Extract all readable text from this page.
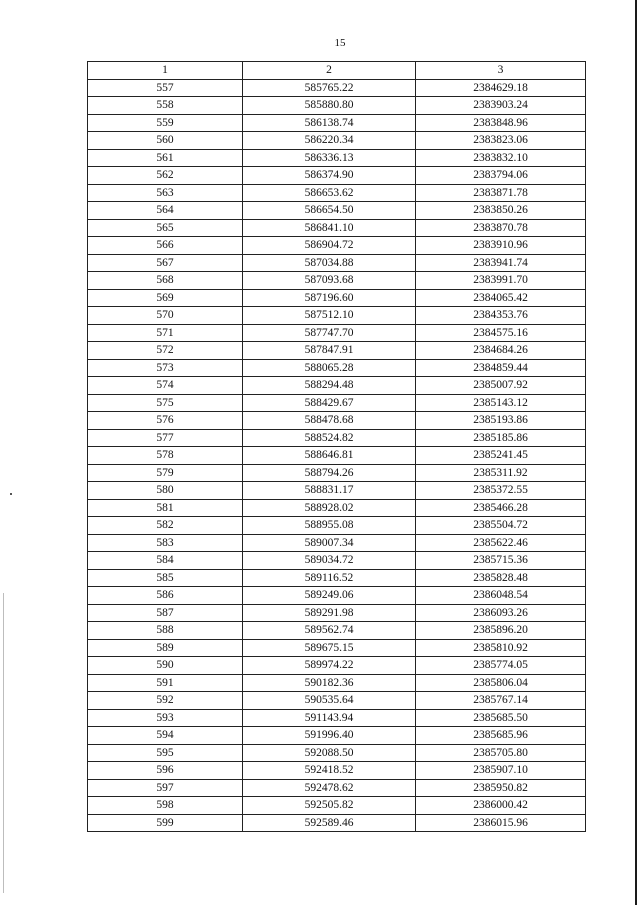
15
1	2	3
557	585765.22	2384629.18
558	585880.80	2383903.24
559	586138.74	2383848.96
560	586220.34	2383823.06
561	586336.13	2383832.10
562	586374.90	2383794.06
563	586653.62	2383871.78
564	586654.50	2383850.26
565	586841.10	2383870.78
566	586904.72	2383910.96
567	587034.88	2383941.74
568	587093.68	2383991.70
569	587196.60	2384065.42
570	587512.10	2384353.76
571	587747.70	2384575.16
572	587847.91	2384684.26
573	588065.28	2384859.44
574	588294.48	2385007.92
575	588429.67	2385143.12
576	588478.68	2385193.86
577	588524.82	2385185.86
578	588646.81	2385241.45
579	588794.26	2385311.92
580	588831.17	2385372.55
581	588928.02	2385466.28
582	588955.08	2385504.72
583	589007.34	2385622.46
584	589034.72	2385715.36
585	589116.52	2385828.48
586	589249.06	2386048.54
587	589291.98	2386093.26
588	589562.74	2385896.20
589	589675.15	2385810.92
590	589974.22	2385774.05
591	590182.36	2385806.04
592	590535.64	2385767.14
593	591143.94	2385685.50
594	591996.40	2385685.96
595	592088.50	2385705.80
596	592418.52	2385907.10
597	592478.62	2385950.82
598	592505.82	2386000.42
599	592589.46	2386015.96
